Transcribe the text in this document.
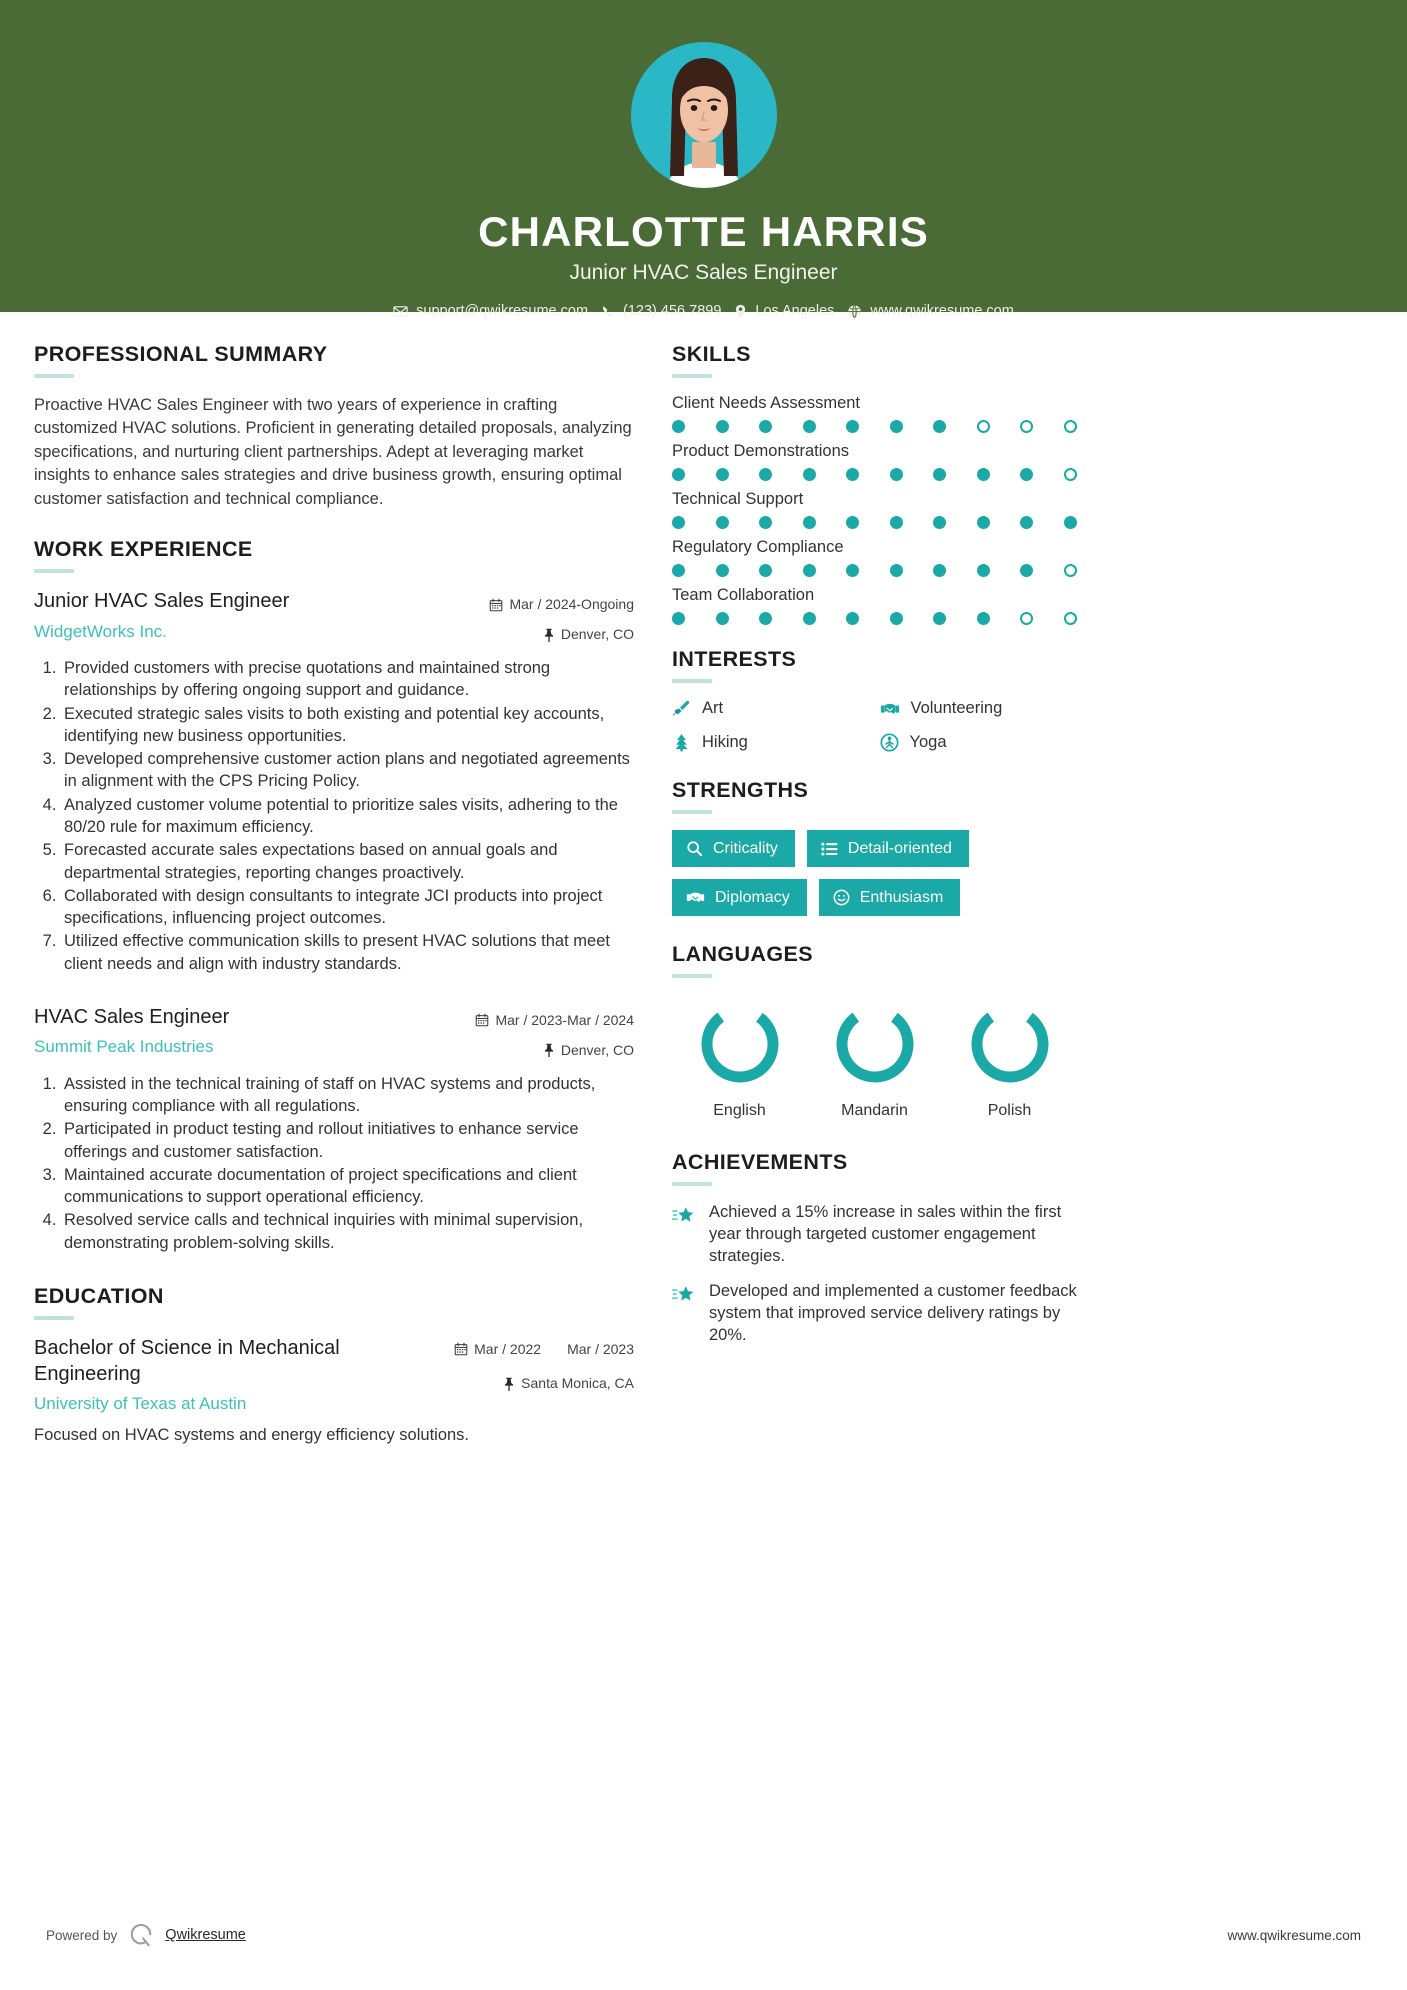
CHARLOTTE HARRIS
Junior HVAC Sales Engineer
support@qwikresume.com (123) 456 7899 Los Angeles www.qwikresume.com
PROFESSIONAL SUMMARY
Proactive HVAC Sales Engineer with two years of experience in crafting customized HVAC solutions. Proficient in generating detailed proposals, analyzing specifications, and nurturing client partnerships. Adept at leveraging market insights to enhance sales strategies and drive business growth, ensuring optimal customer satisfaction and technical compliance.
WORK EXPERIENCE
Junior HVAC Sales Engineer
WidgetWorks Inc.
Mar / 2024-Ongoing
Denver, CO
1. Provided customers with precise quotations and maintained strong relationships by offering ongoing support and guidance.
2. Executed strategic sales visits to both existing and potential key accounts, identifying new business opportunities.
3. Developed comprehensive customer action plans and negotiated agreements in alignment with the CPS Pricing Policy.
4. Analyzed customer volume potential to prioritize sales visits, adhering to the 80/20 rule for maximum efficiency.
5. Forecasted accurate sales expectations based on annual goals and departmental strategies, reporting changes proactively.
6. Collaborated with design consultants to integrate JCI products into project specifications, influencing project outcomes.
7. Utilized effective communication skills to present HVAC solutions that meet client needs and align with industry standards.
HVAC Sales Engineer
Summit Peak Industries
Mar / 2023-Mar / 2024
Denver, CO
1. Assisted in the technical training of staff on HVAC systems and products, ensuring compliance with all regulations.
2. Participated in product testing and rollout initiatives to enhance service offerings and customer satisfaction.
3. Maintained accurate documentation of project specifications and client communications to support operational efficiency.
4. Resolved service calls and technical inquiries with minimal supervision, demonstrating problem-solving skills.
EDUCATION
Bachelor of Science in Mechanical Engineering
University of Texas at Austin
Mar / 2022 Mar / 2023
Santa Monica, CA
Focused on HVAC systems and energy efficiency solutions.
SKILLS
Client Needs Assessment
Product Demonstrations
Technical Support
Regulatory Compliance
Team Collaboration
INTERESTS
Art	Volunteering
Hiking	Yoga
STRENGTHS
Criticality	Detail-oriented
Diplomacy	Enthusiasm
LANGUAGES
English	Mandarin	Polish
ACHIEVEMENTS
Achieved a 15% increase in sales within the first year through targeted customer engagement strategies.
Developed and implemented a customer feedback system that improved service delivery ratings by 20%.
Powered by	Qwikresume	www.qwikresume.com
